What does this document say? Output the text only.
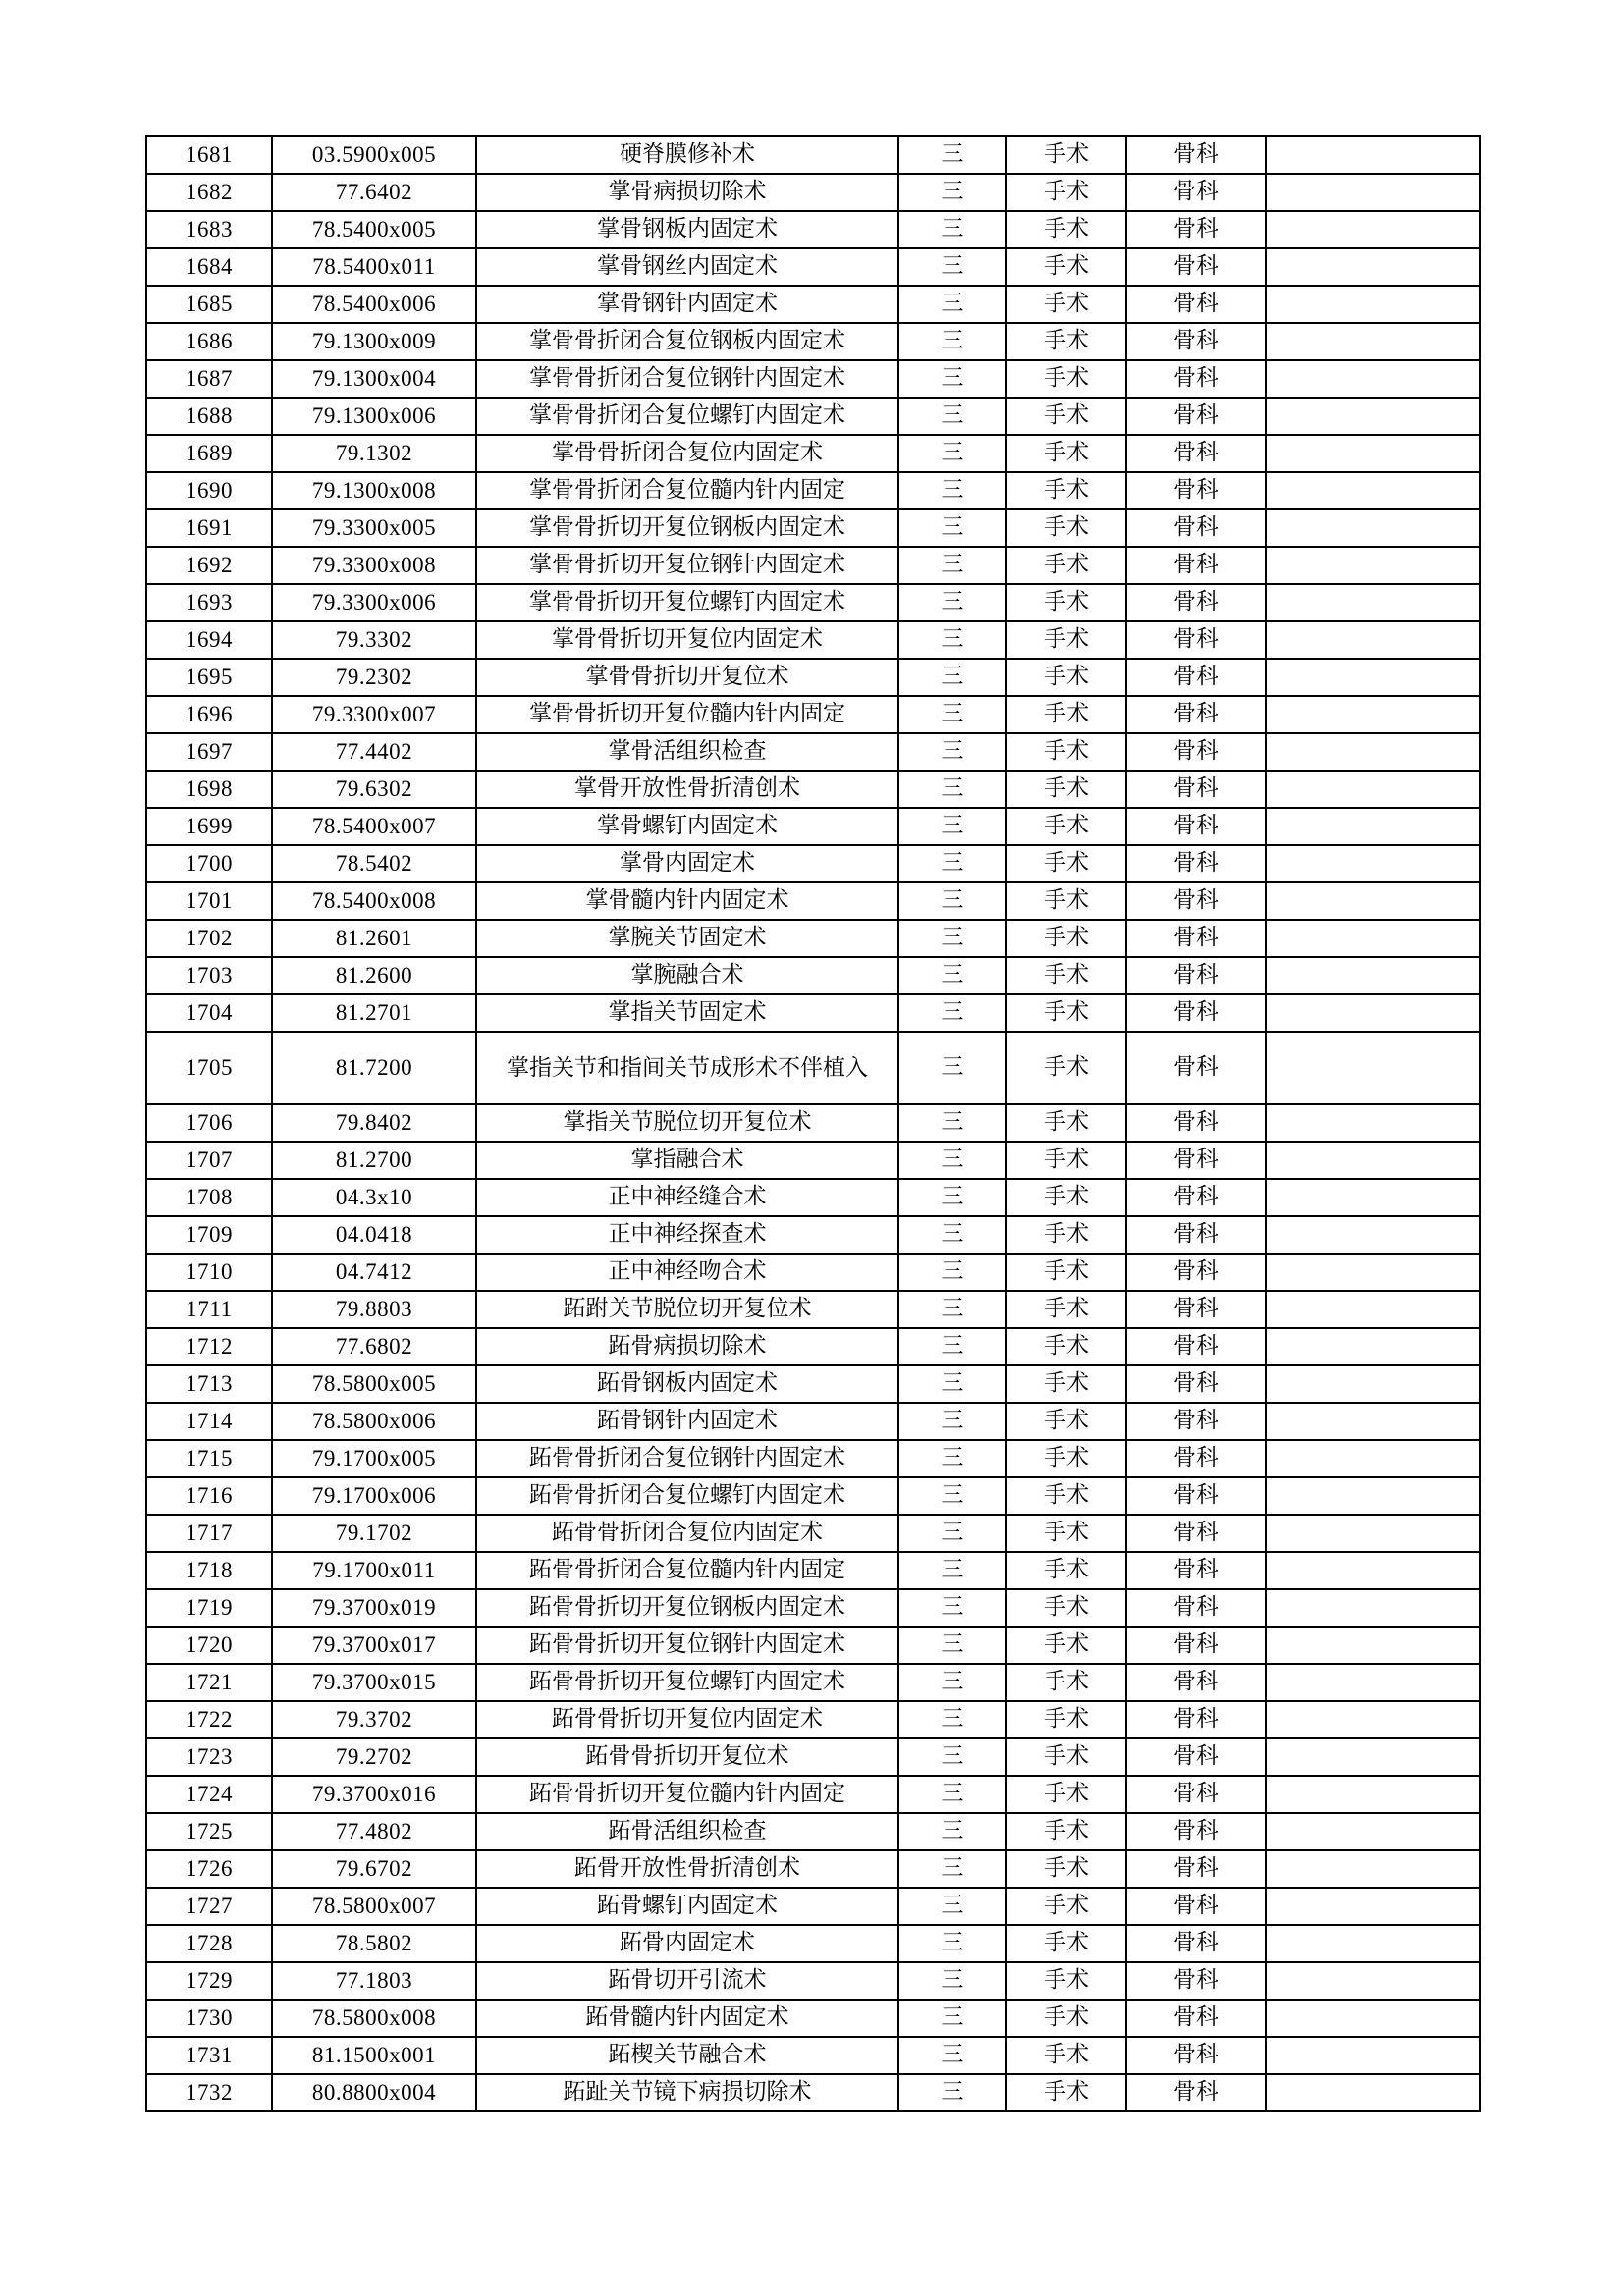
1681	03.5900x005	硬脊膜修补术	三	手术	骨科	
1682	77.6402	掌骨病损切除术	三	手术	骨科	
1683	78.5400x005	掌骨钢板内固定术	三	手术	骨科	
1684	78.5400x011	掌骨钢丝内固定术	三	手术	骨科	
1685	78.5400x006	掌骨钢针内固定术	三	手术	骨科	
1686	79.1300x009	掌骨骨折闭合复位钢板内固定术	三	手术	骨科	
1687	79.1300x004	掌骨骨折闭合复位钢针内固定术	三	手术	骨科	
1688	79.1300x006	掌骨骨折闭合复位螺钉内固定术	三	手术	骨科	
1689	79.1302	掌骨骨折闭合复位内固定术	三	手术	骨科	
1690	79.1300x008	掌骨骨折闭合复位髓内针内固定	三	手术	骨科	
1691	79.3300x005	掌骨骨折切开复位钢板内固定术	三	手术	骨科	
1692	79.3300x008	掌骨骨折切开复位钢针内固定术	三	手术	骨科	
1693	79.3300x006	掌骨骨折切开复位螺钉内固定术	三	手术	骨科	
1694	79.3302	掌骨骨折切开复位内固定术	三	手术	骨科	
1695	79.2302	掌骨骨折切开复位术	三	手术	骨科	
1696	79.3300x007	掌骨骨折切开复位髓内针内固定	三	手术	骨科	
1697	77.4402	掌骨活组织检查	三	手术	骨科	
1698	79.6302	掌骨开放性骨折清创术	三	手术	骨科	
1699	78.5400x007	掌骨螺钉内固定术	三	手术	骨科	
1700	78.5402	掌骨内固定术	三	手术	骨科	
1701	78.5400x008	掌骨髓内针内固定术	三	手术	骨科	
1702	81.2601	掌腕关节固定术	三	手术	骨科	
1703	81.2600	掌腕融合术	三	手术	骨科	
1704	81.2701	掌指关节固定术	三	手术	骨科	
1705	81.7200	掌指关节和指间关节成形术不伴植入	三	手术	骨科	
1706	79.8402	掌指关节脱位切开复位术	三	手术	骨科	
1707	81.2700	掌指融合术	三	手术	骨科	
1708	04.3x10	正中神经缝合术	三	手术	骨科	
1709	04.0418	正中神经探查术	三	手术	骨科	
1710	04.7412	正中神经吻合术	三	手术	骨科	
1711	79.8803	跖跗关节脱位切开复位术	三	手术	骨科	
1712	77.6802	跖骨病损切除术	三	手术	骨科	
1713	78.5800x005	跖骨钢板内固定术	三	手术	骨科	
1714	78.5800x006	跖骨钢针内固定术	三	手术	骨科	
1715	79.1700x005	跖骨骨折闭合复位钢针内固定术	三	手术	骨科	
1716	79.1700x006	跖骨骨折闭合复位螺钉内固定术	三	手术	骨科	
1717	79.1702	跖骨骨折闭合复位内固定术	三	手术	骨科	
1718	79.1700x011	跖骨骨折闭合复位髓内针内固定	三	手术	骨科	
1719	79.3700x019	跖骨骨折切开复位钢板内固定术	三	手术	骨科	
1720	79.3700x017	跖骨骨折切开复位钢针内固定术	三	手术	骨科	
1721	79.3700x015	跖骨骨折切开复位螺钉内固定术	三	手术	骨科	
1722	79.3702	跖骨骨折切开复位内固定术	三	手术	骨科	
1723	79.2702	跖骨骨折切开复位术	三	手术	骨科	
1724	79.3700x016	跖骨骨折切开复位髓内针内固定	三	手术	骨科	
1725	77.4802	跖骨活组织检查	三	手术	骨科	
1726	79.6702	跖骨开放性骨折清创术	三	手术	骨科	
1727	78.5800x007	跖骨螺钉内固定术	三	手术	骨科	
1728	78.5802	跖骨内固定术	三	手术	骨科	
1729	77.1803	跖骨切开引流术	三	手术	骨科	
1730	78.5800x008	跖骨髓内针内固定术	三	手术	骨科	
1731	81.1500x001	跖楔关节融合术	三	手术	骨科	
1732	80.8800x004	跖趾关节镜下病损切除术	三	手术	骨科	
